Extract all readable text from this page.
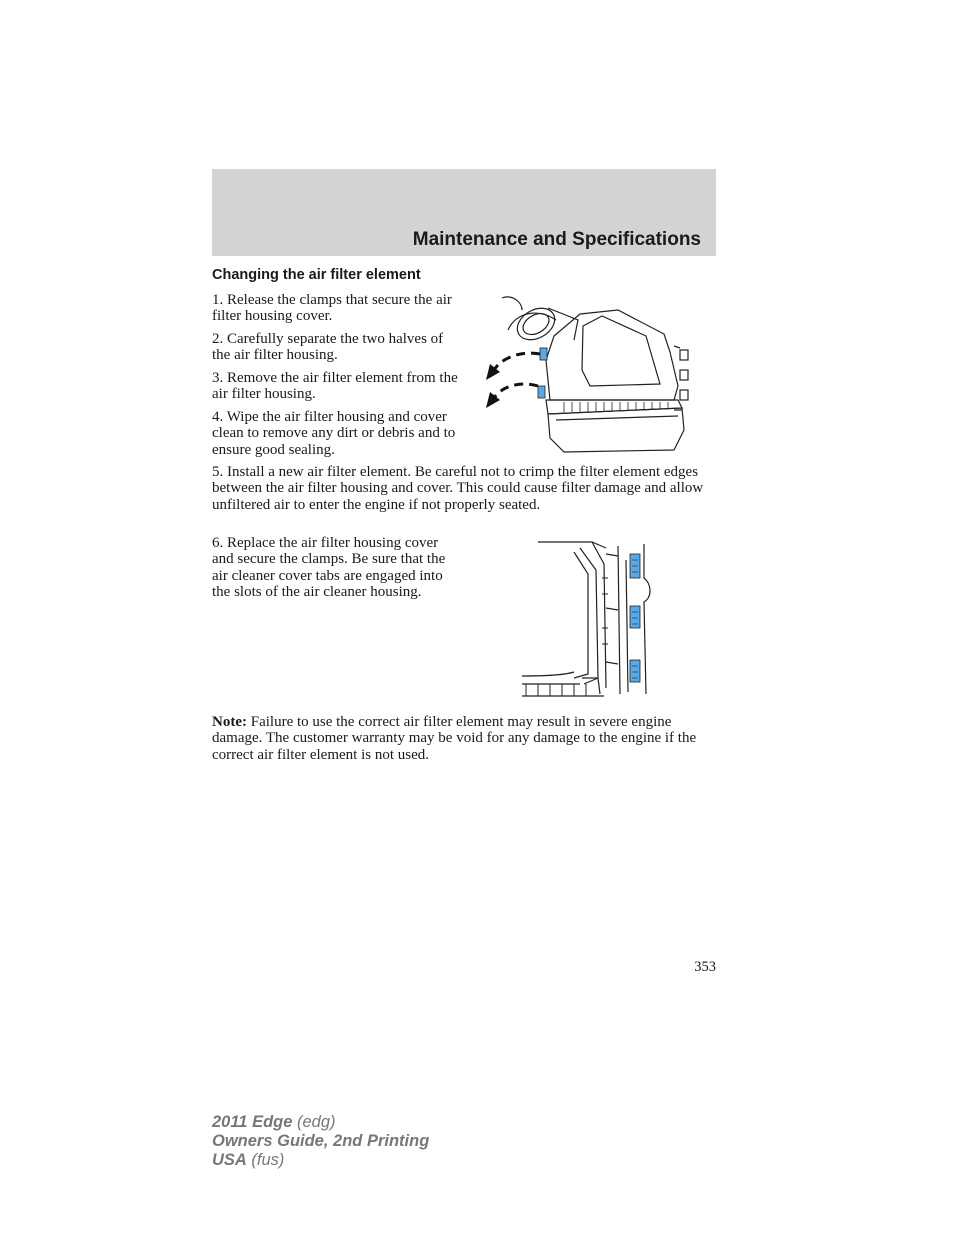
Maintenance and Specifications
Changing the air filter element

1. Release the clamps that secure the air filter housing cover.

2. Carefully separate the two halves of the air filter housing.

3. Remove the air filter element from the air filter housing.

4. Wipe the air filter housing and cover clean to remove any dirt or debris and to ensure good sealing.

5. Install a new air filter element. Be careful not to crimp the filter element edges between the air filter housing and cover. This could cause filter damage and allow unfiltered air to enter the engine if not properly seated.

6. Replace the air filter housing cover and secure the clamps. Be sure that the air cleaner cover tabs are engaged into the slots of the air cleaner housing.

Note: Failure to use the correct air filter element may result in severe engine damage. The customer warranty may be void for any damage to the engine if the correct air filter element is not used.

353
2011 Edge (edg)
Owners Guide, 2nd Printing
USA (fus)
